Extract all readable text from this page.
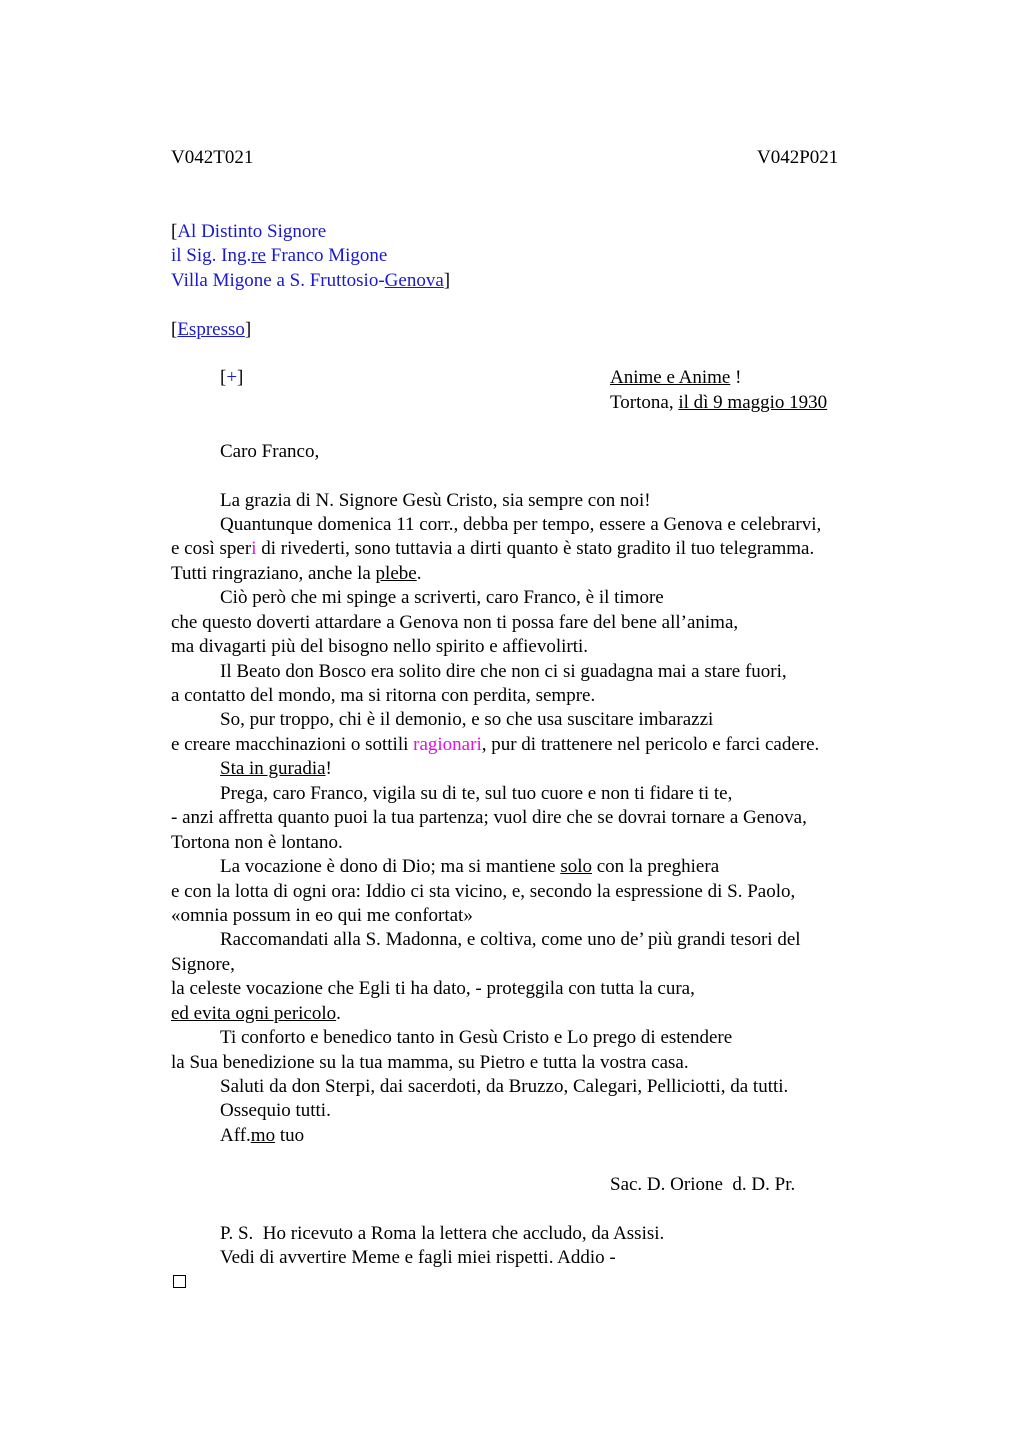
V042T021	V042P021
[Al Distinto Signore
il Sig. Ing.re Franco Migone
Villa Migone a S. Fruttosio-Genova]
[Espresso]
[+]	Anime e Anime !
Tortona, il dì 9 maggio 1930
Caro Franco,
La grazia di N. Signore Gesù Cristo, sia sempre con noi!
Quantunque domenica 11 corr., debba per tempo, essere a Genova e celebrarvi,
e così speri di rivederti, sono tuttavia a dirti quanto è stato gradito il tuo telegramma.
Tutti ringraziano, anche la plebe.
Ciò però che mi spinge a scriverti, caro Franco, è il timore
che questo doverti attardare a Genova non ti possa fare del bene all’anima,
ma divagarti più del bisogno nello spirito e affievolirti.
Il Beato don Bosco era solito dire che non ci si guadagna mai a stare fuori,
a contatto del mondo, ma si ritorna con perdita, sempre.
So, pur troppo, chi è il demonio, e so che usa suscitare imbarazzi
e creare macchinazioni o sottili ragionari, pur di trattenere nel pericolo e farci cadere.
Sta in guradia!
Prega, caro Franco, vigila su di te, sul tuo cuore e non ti fidare ti te,
- anzi affretta quanto puoi la tua partenza; vuol dire che se dovrai tornare a Genova,
Tortona non è lontano.
La vocazione è dono di Dio; ma si mantiene solo con la preghiera
e con la lotta di ogni ora: Iddio ci sta vicino, e, secondo la espressione di S. Paolo,
«omnia possum in eo qui me confortat»
Raccomandati alla S. Madonna, e coltiva, come uno de’ più grandi tesori del
Signore,
la celeste vocazione che Egli ti ha dato, - proteggila con tutta la cura,
ed evita ogni pericolo.
Ti conforto e benedico tanto in Gesù Cristo e Lo prego di estendere
la Sua benedizione su la tua mamma, su Pietro e tutta la vostra casa.
Saluti da don Sterpi, dai sacerdoti, da Bruzzo, Calegari, Pelliciotti, da tutti.
Ossequio tutti.
Aff.mo tuo
Sac. D. Orione  d. D. Pr.
P. S.  Ho ricevuto a Roma la lettera che accludo, da Assisi.
Vedi di avvertire Meme e fagli miei rispetti. Addio -
